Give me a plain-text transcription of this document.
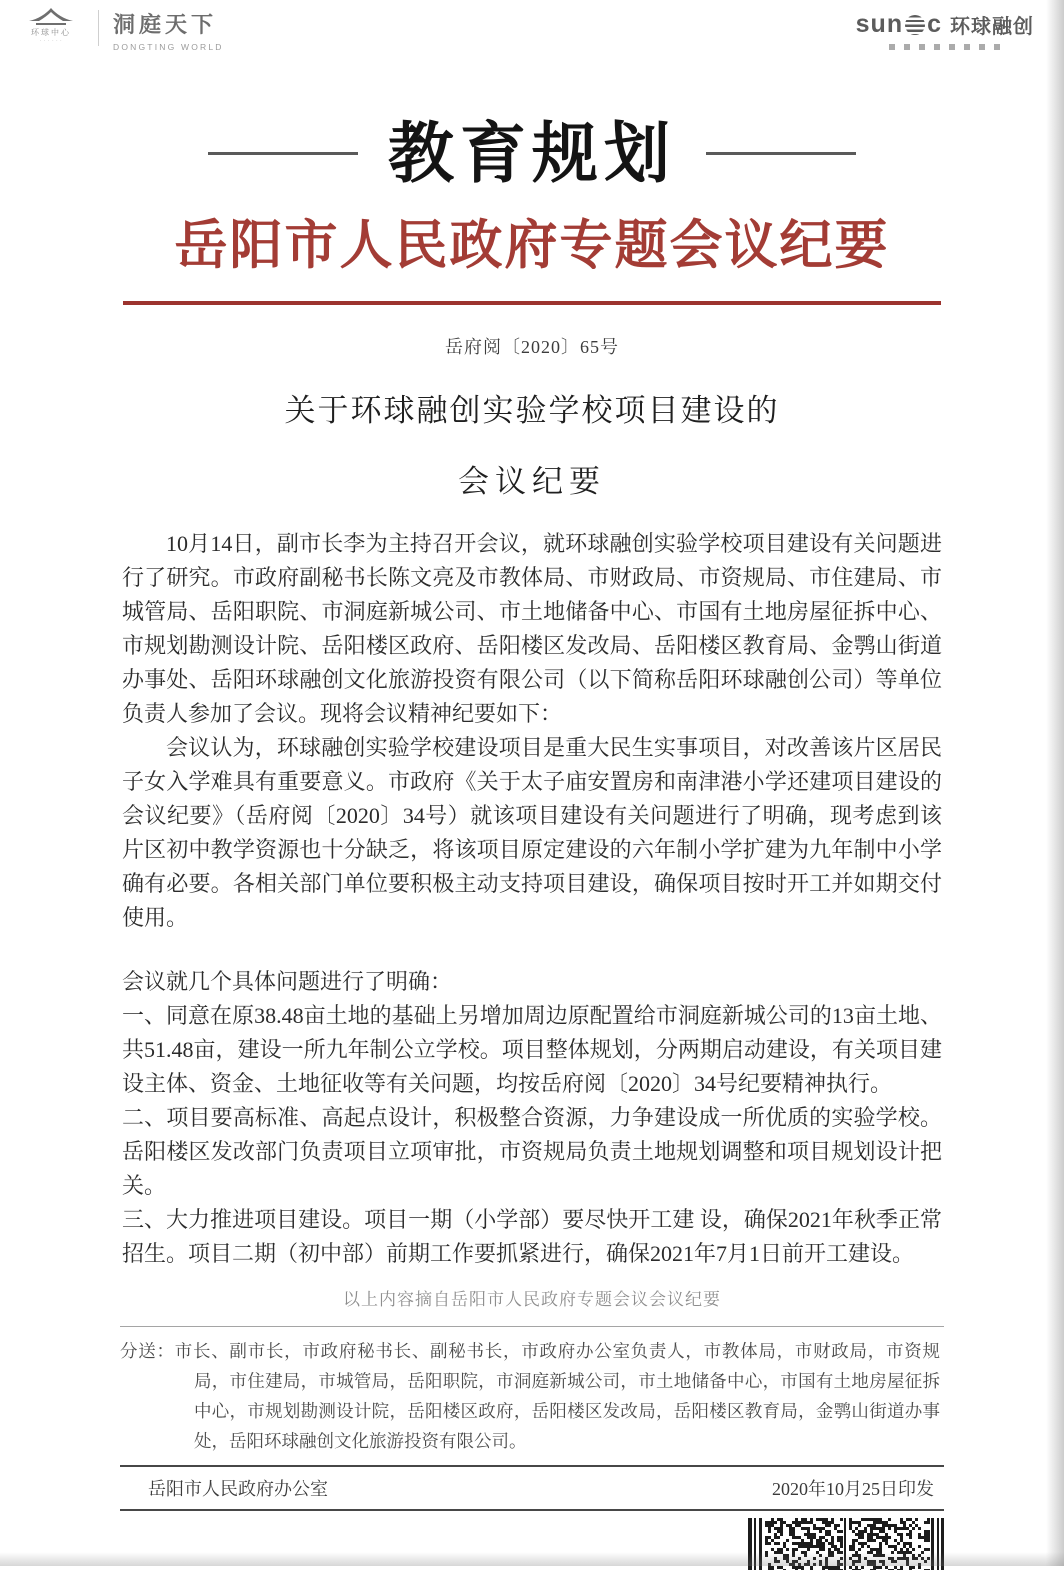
环球中心
· · · · · ·
洞庭天下
DONGTING WORLD
sun c 环球融创
教育规划
岳阳市人民政府专题会议纪要
岳府阅〔2020〕65号
关于环球融创实验学校项目建设的
会议纪要

10月14日，副市长李为主持召开会议，就环球融创实验学校项目建设有关问题进行了研究。市政府副秘书长陈文亮及市教体局、市财政局、市资规局、市住建局、市城管局、岳阳职院、市洞庭新城公司、市土地储备中心、市国有土地房屋征拆中心、市规划勘测设计院、岳阳楼区政府、岳阳楼区发改局、岳阳楼区教育局、金鹗山街道办事处、岳阳环球融创文化旅游投资有限公司（以下简称岳阳环球融创公司）等单位负责人参加了会议。现将会议精神纪要如下：

会议认为，环球融创实验学校建设项目是重大民生实事项目，对改善该片区居民子女入学难具有重要意义。市政府《关于太子庙安置房和南津港小学还建项目建设的会议纪要》（岳府阅〔2020〕34号）就该项目建设有关问题进行了明确，现考虑到该片区初中教学资源也十分缺乏，将该项目原定建设的六年制小学扩建为九年制中小学确有必要。各相关部门单位要积极主动支持项目建设，确保项目按时开工并如期交付使用。

会议就几个具体问题进行了明确：

一、同意在原38.48亩土地的基础上另增加周边原配置给市洞庭新城公司的13亩土地、共51.48亩，建设一所九年制公立学校。项目整体规划，分两期启动建设，有关项目建设主体、资金、土地征收等有关问题，均按岳府阅〔2020〕34号纪要精神执行。

二、项目要高标准、高起点设计，积极整合资源，力争建设成一所优质的实验学校。岳阳楼区发改部门负责项目立项审批，市资规局负责土地规划调整和项目规划设计把关。

三、大力推进项目建设。项目一期（小学部）要尽快开工建 设，确保2021年秋季正常招生。项目二期（初中部）前期工作要抓紧进行，确保2021年7月1日前开工建设。

以上内容摘自岳阳市人民政府专题会议会议纪要

分送：市长、副市长，市政府秘书长、副秘书长，市政府办公室负责人，市教体局，市财政局，市资规局，市住建局，市城管局，岳阳职院，市洞庭新城公司，市土地储备中心，市国有土地房屋征拆中心，市规划勘测设计院，岳阳楼区政府，岳阳楼区发改局，岳阳楼区教育局，金鹗山街道办事处，岳阳环球融创文化旅游投资有限公司。

岳阳市人民政府办公室	2020年10月25日印发
